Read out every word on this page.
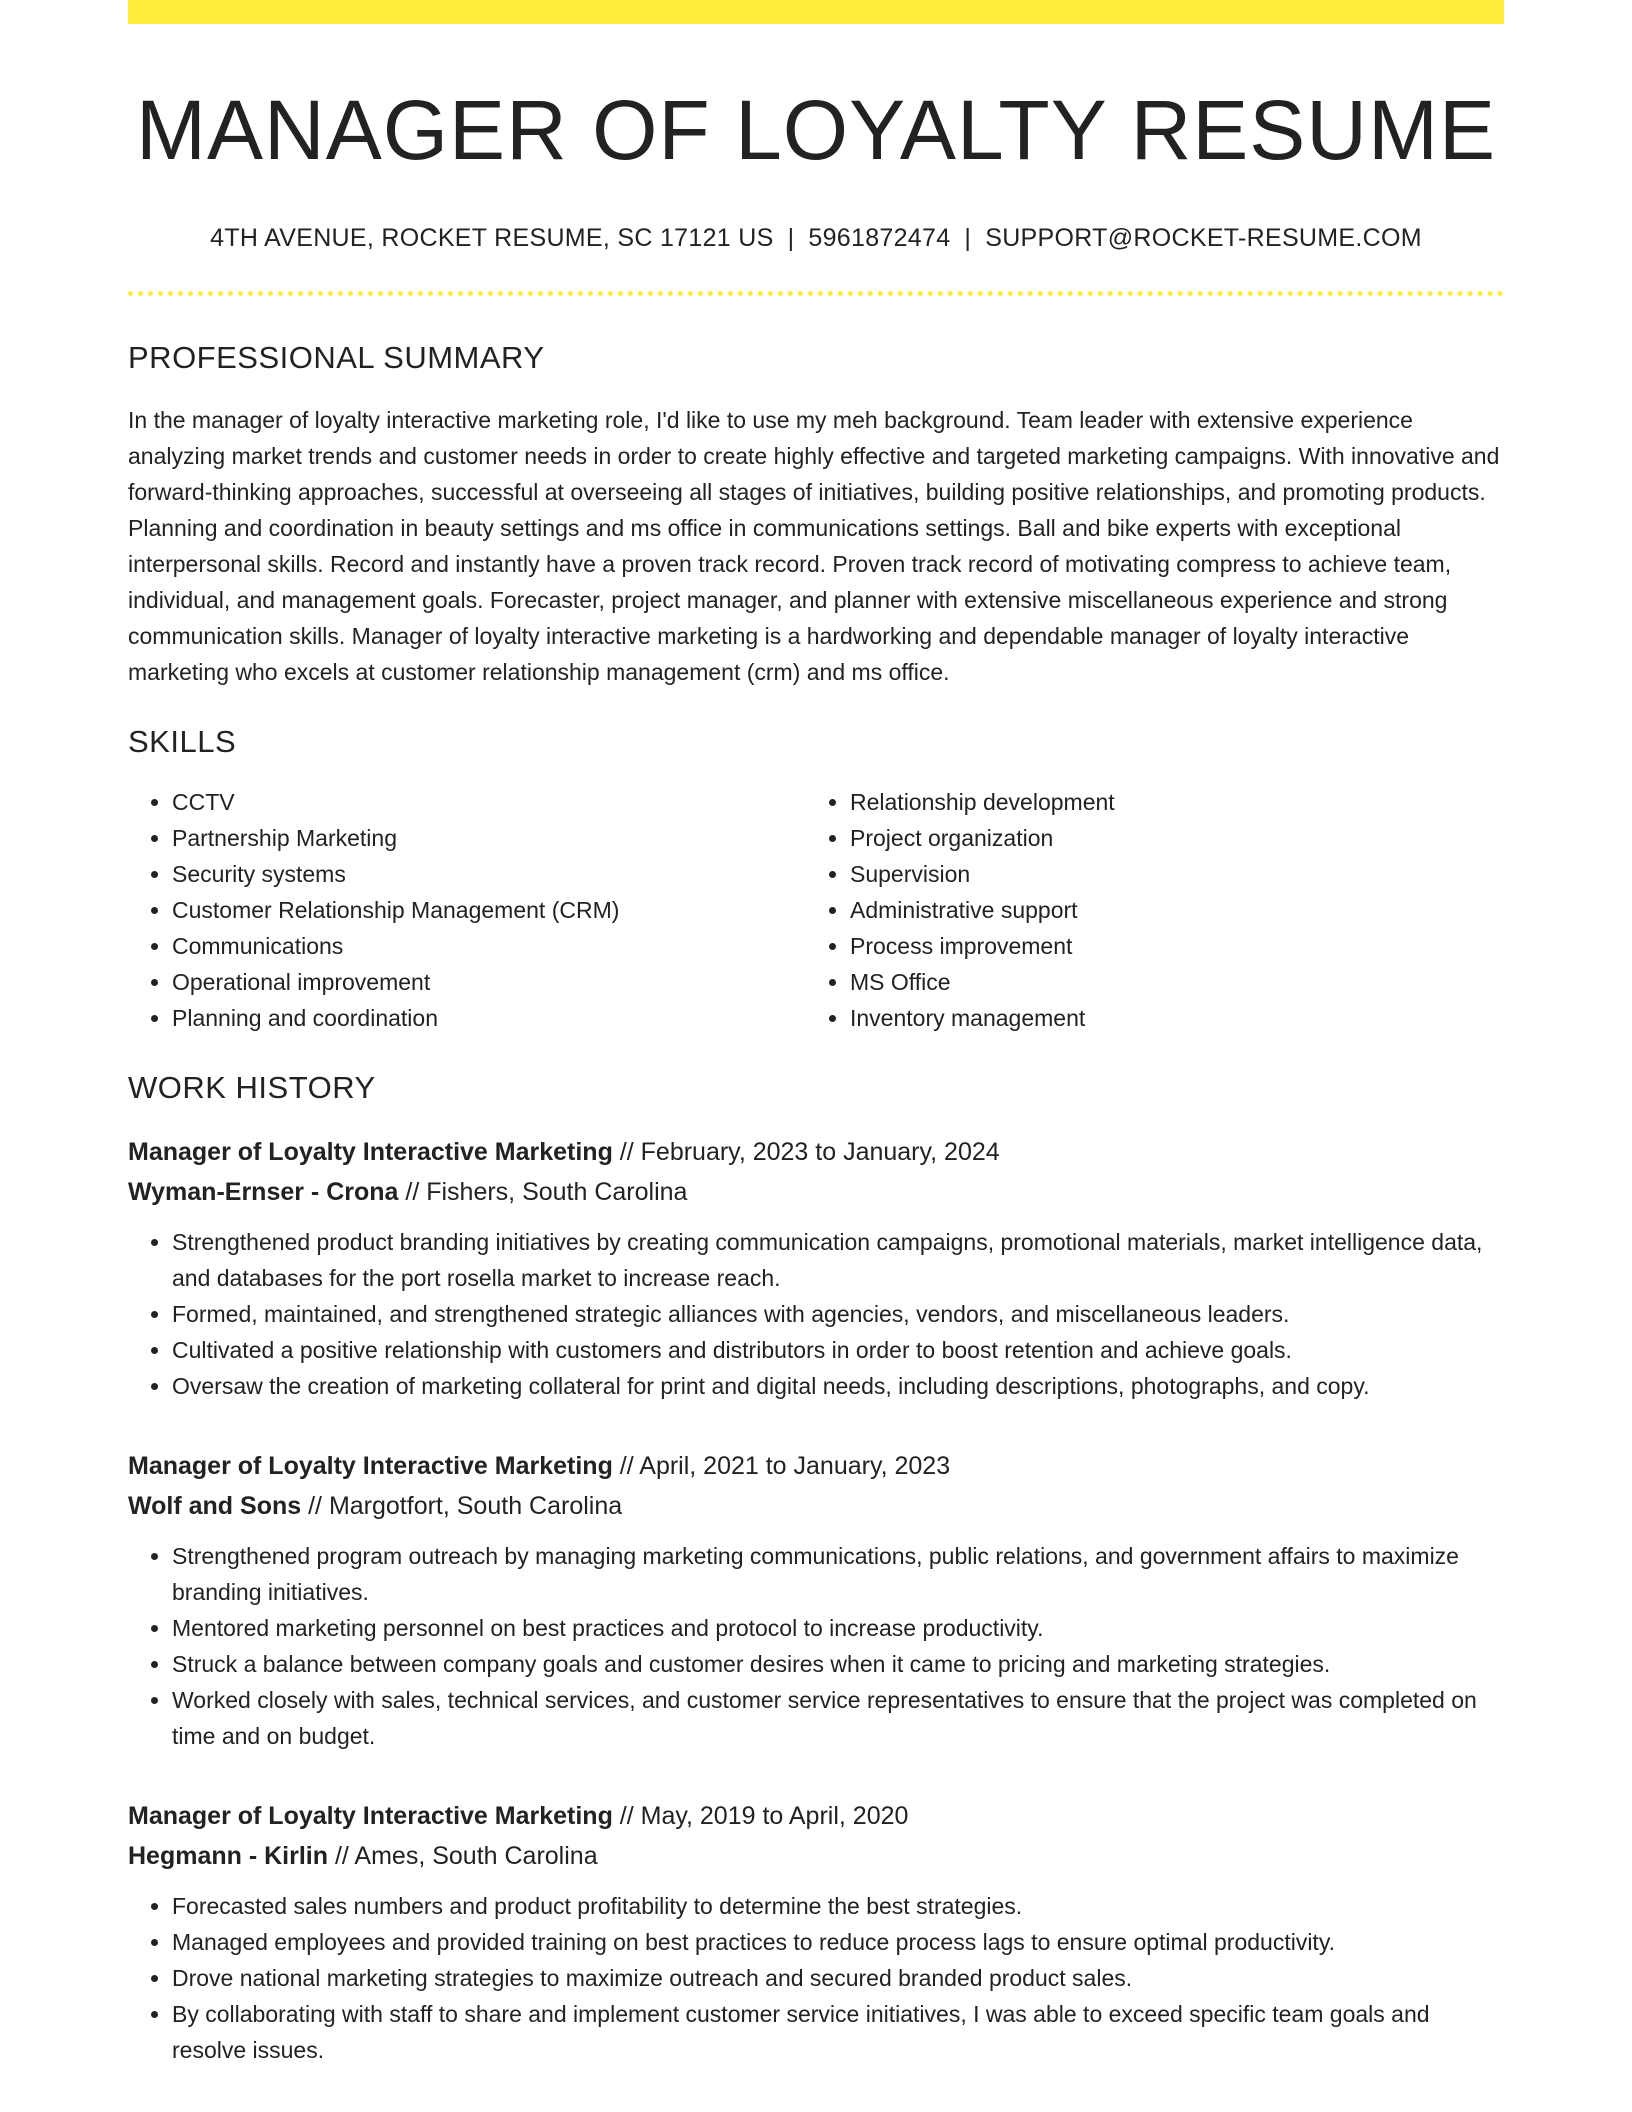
MANAGER OF LOYALTY RESUME
4TH AVENUE, ROCKET RESUME, SC 17121 US | 5961872474 | SUPPORT@ROCKET-RESUME.COM
PROFESSIONAL SUMMARY

In the manager of loyalty interactive marketing role, I'd like to use my meh background. Team leader with extensive experience analyzing market trends and customer needs in order to create highly effective and targeted marketing campaigns. With innovative and forward-thinking approaches, successful at overseeing all stages of initiatives, building positive relationships, and promoting products. Planning and coordination in beauty settings and ms office in communications settings. Ball and bike experts with exceptional interpersonal skills. Record and instantly have a proven track record. Proven track record of motivating compress to achieve team, individual, and management goals. Forecaster, project manager, and planner with extensive miscellaneous experience and strong communication skills. Manager of loyalty interactive marketing is a hardworking and dependable manager of loyalty interactive marketing who excels at customer relationship management (crm) and ms office.

SKILLS
• CCTV
• Partnership Marketing
• Security systems
• Customer Relationship Management (CRM)
• Communications
• Operational improvement
• Planning and coordination
• Relationship development
• Project organization
• Supervision
• Administrative support
• Process improvement
• MS Office
• Inventory management
WORK HISTORY
Manager of Loyalty Interactive Marketing // February, 2023 to January, 2024
Wyman-Ernser - Crona // Fishers, South Carolina
• Strengthened product branding initiatives by creating communication campaigns, promotional materials, market intelligence data, and databases for the port rosella market to increase reach.
• Formed, maintained, and strengthened strategic alliances with agencies, vendors, and miscellaneous leaders.
• Cultivated a positive relationship with customers and distributors in order to boost retention and achieve goals.
• Oversaw the creation of marketing collateral for print and digital needs, including descriptions, photographs, and copy.
Manager of Loyalty Interactive Marketing // April, 2021 to January, 2023
Wolf and Sons // Margotfort, South Carolina
• Strengthened program outreach by managing marketing communications, public relations, and government affairs to maximize branding initiatives.
• Mentored marketing personnel on best practices and protocol to increase productivity.
• Struck a balance between company goals and customer desires when it came to pricing and marketing strategies.
• Worked closely with sales, technical services, and customer service representatives to ensure that the project was completed on time and on budget.
Manager of Loyalty Interactive Marketing // May, 2019 to April, 2020
Hegmann - Kirlin // Ames, South Carolina
• Forecasted sales numbers and product profitability to determine the best strategies.
• Managed employees and provided training on best practices to reduce process lags to ensure optimal productivity.
• Drove national marketing strategies to maximize outreach and secured branded product sales.
• By collaborating with staff to share and implement customer service initiatives, I was able to exceed specific team goals and resolve issues.
